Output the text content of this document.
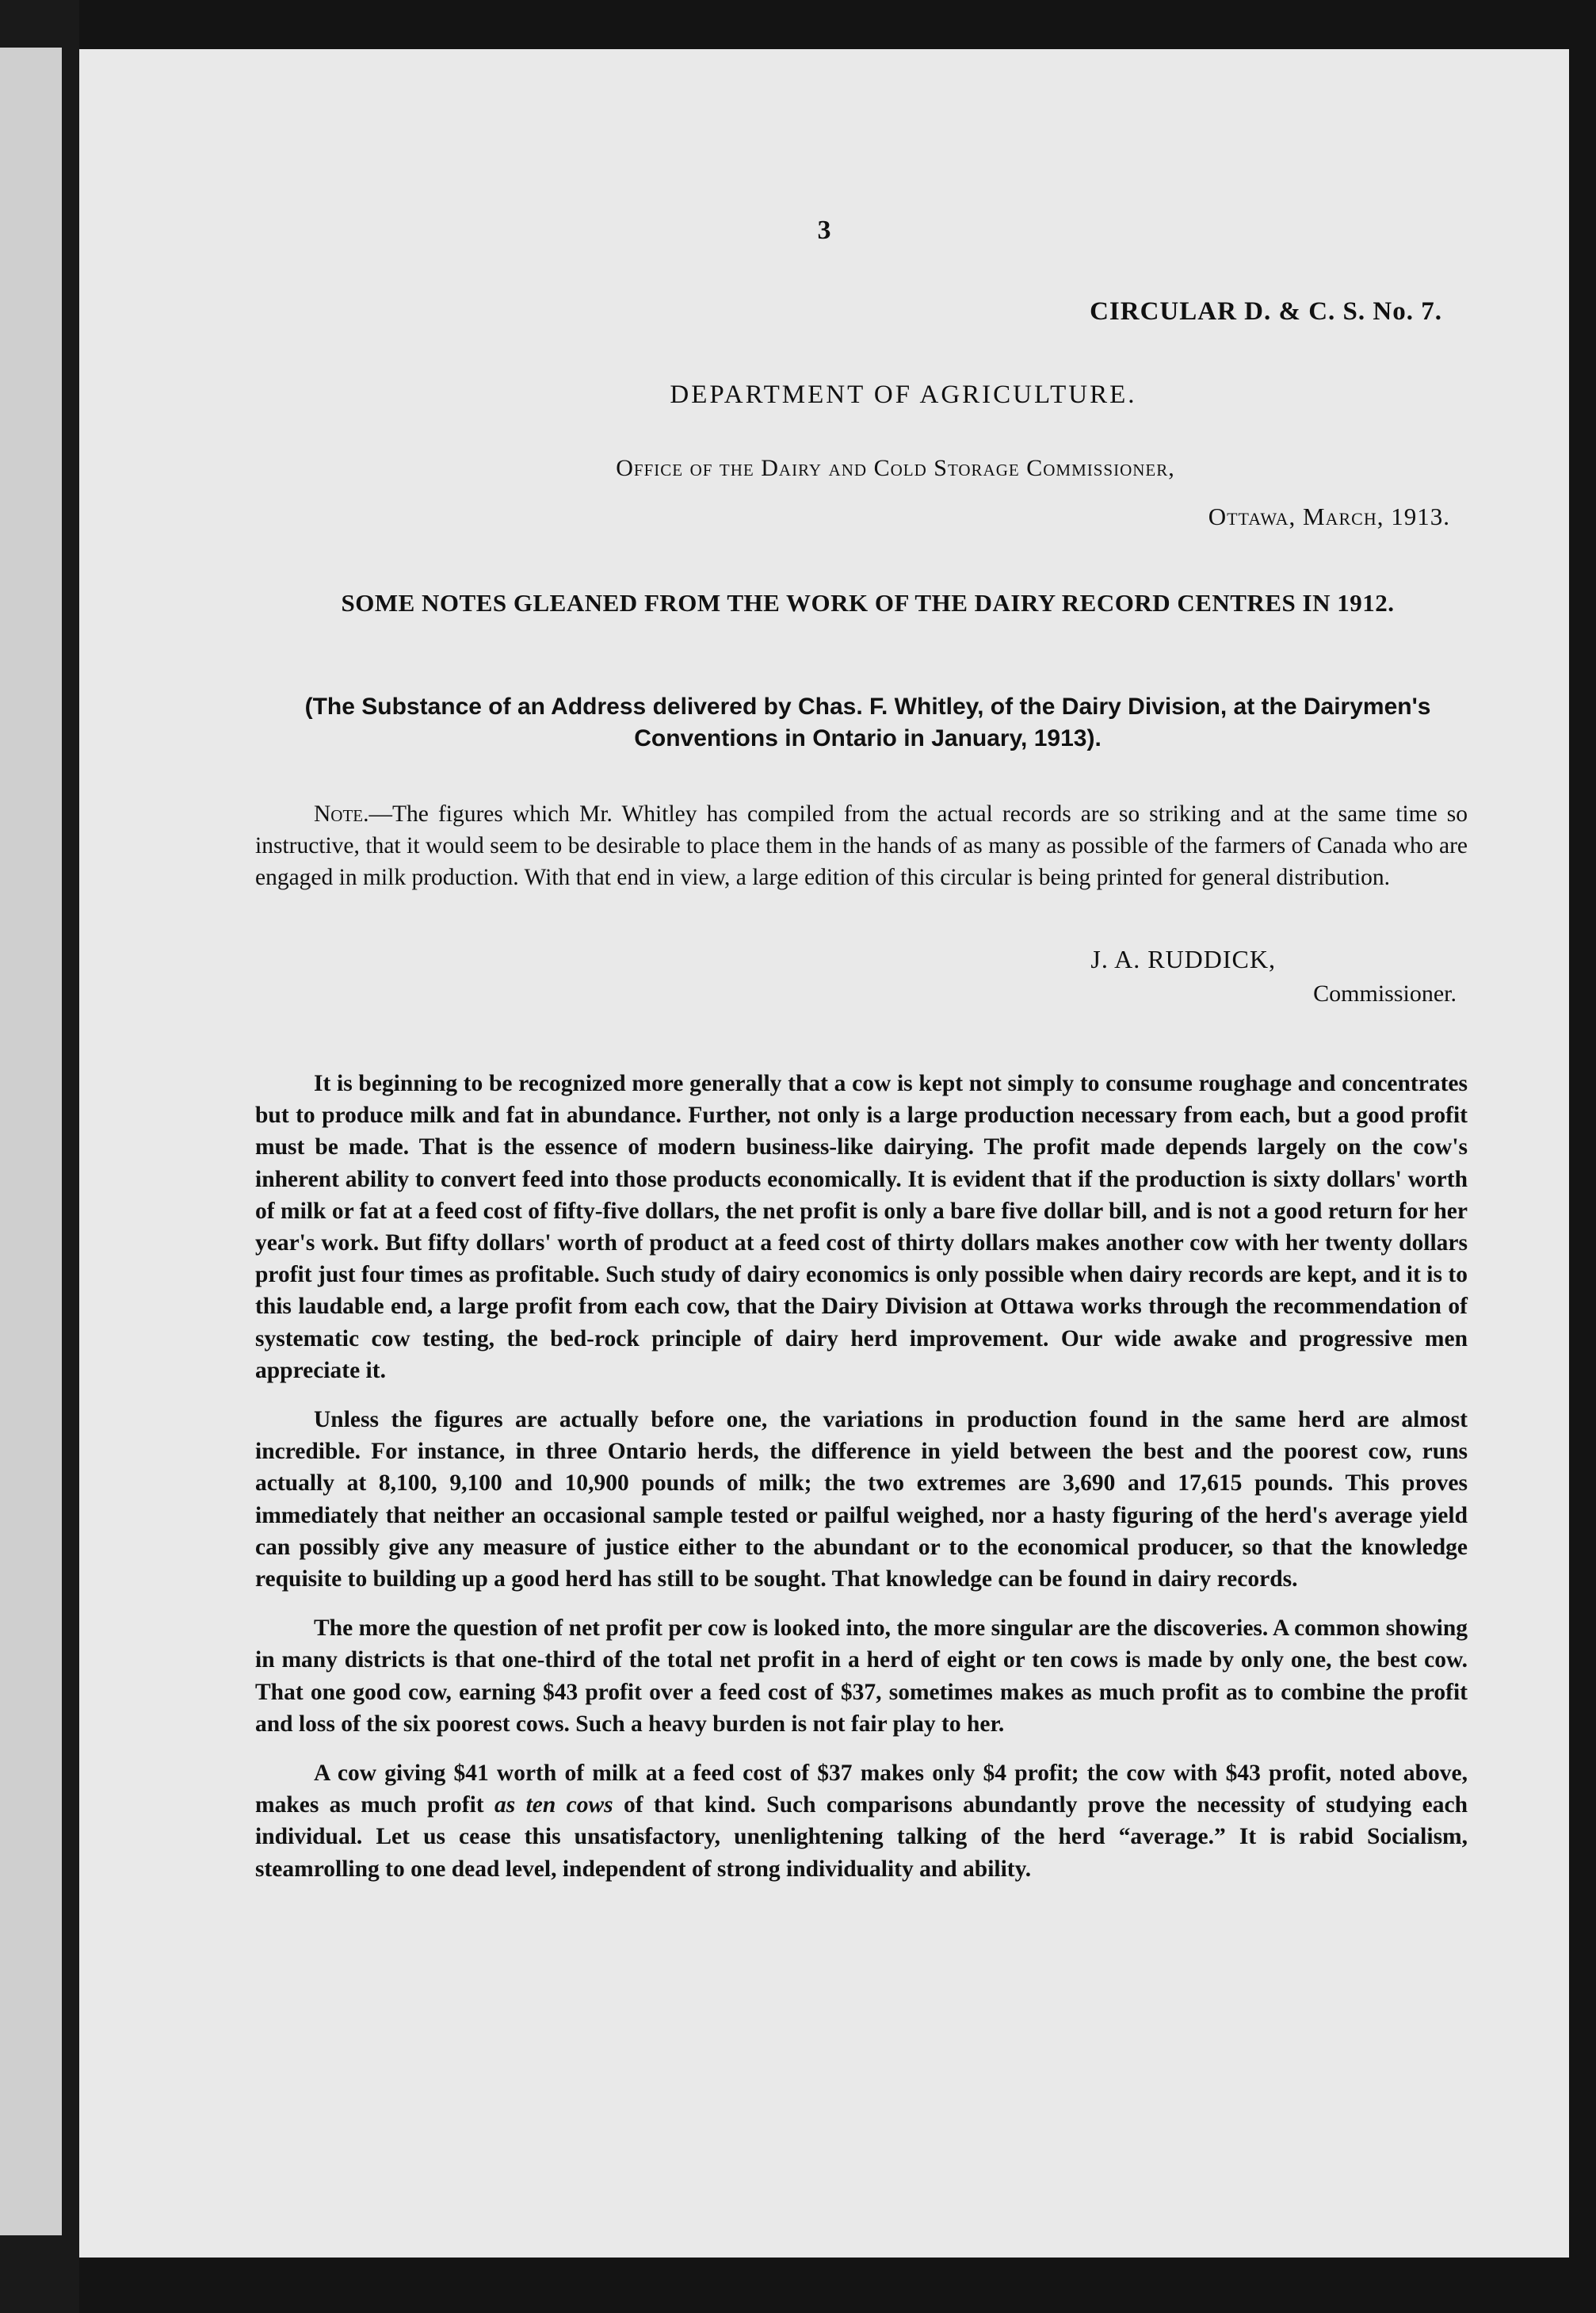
3
CIRCULAR D. & C. S. No. 7.
DEPARTMENT OF AGRICULTURE.
Office of the Dairy and Cold Storage Commissioner,
Ottawa, March, 1913.
SOME NOTES GLEANED FROM THE WORK OF THE DAIRY RECORD CENTRES IN 1912.
(The Substance of an Address delivered by Chas. F. Whitley, of the Dairy Division, at the Dairymen's Conventions in Ontario in January, 1913).

Note.—The figures which Mr. Whitley has compiled from the actual records are so striking and at the same time so instructive, that it would seem to be desirable to place them in the hands of as many as possible of the farmers of Canada who are engaged in milk production. With that end in view, a large edition of this circular is being printed for general distribution.

J. A. RUDDICK,
Commissioner.

It is beginning to be recognized more generally that a cow is kept not simply to consume roughage and concentrates but to produce milk and fat in abundance. Further, not only is a large production necessary from each, but a good profit must be made. That is the essence of modern business-like dairying. The profit made depends largely on the cow's inherent ability to convert feed into those products economically. It is evident that if the production is sixty dollars' worth of milk or fat at a feed cost of fifty-five dollars, the net profit is only a bare five dollar bill, and is not a good return for her year's work. But fifty dollars' worth of product at a feed cost of thirty dollars makes another cow with her twenty dollars profit just four times as profitable. Such study of dairy economics is only possible when dairy records are kept, and it is to this laudable end, a large profit from each cow, that the Dairy Division at Ottawa works through the recommendation of systematic cow testing, the bed-rock principle of dairy herd improvement. Our wide awake and progressive men appreciate it.

Unless the figures are actually before one, the variations in production found in the same herd are almost incredible. For instance, in three Ontario herds, the difference in yield between the best and the poorest cow, runs actually at 8,100, 9,100 and 10,900 pounds of milk; the two extremes are 3,690 and 17,615 pounds. This proves immediately that neither an occasional sample tested or pailful weighed, nor a hasty figuring of the herd's average yield can possibly give any measure of justice either to the abundant or to the economical producer, so that the knowledge requisite to building up a good herd has still to be sought. That knowledge can be found in dairy records.

The more the question of net profit per cow is looked into, the more singular are the discoveries. A common showing in many districts is that one-third of the total net profit in a herd of eight or ten cows is made by only one, the best cow. That one good cow, earning $43 profit over a feed cost of $37, sometimes makes as much profit as to combine the profit and loss of the six poorest cows. Such a heavy burden is not fair play to her.

A cow giving $41 worth of milk at a feed cost of $37 makes only $4 profit; the cow with $43 profit, noted above, makes as much profit as ten cows of that kind. Such comparisons abundantly prove the necessity of studying each individual. Let us cease this unsatisfactory, unenlightening talking of the herd “average.” It is rabid Socialism, steamrolling to one dead level, independent of strong individuality and ability.
